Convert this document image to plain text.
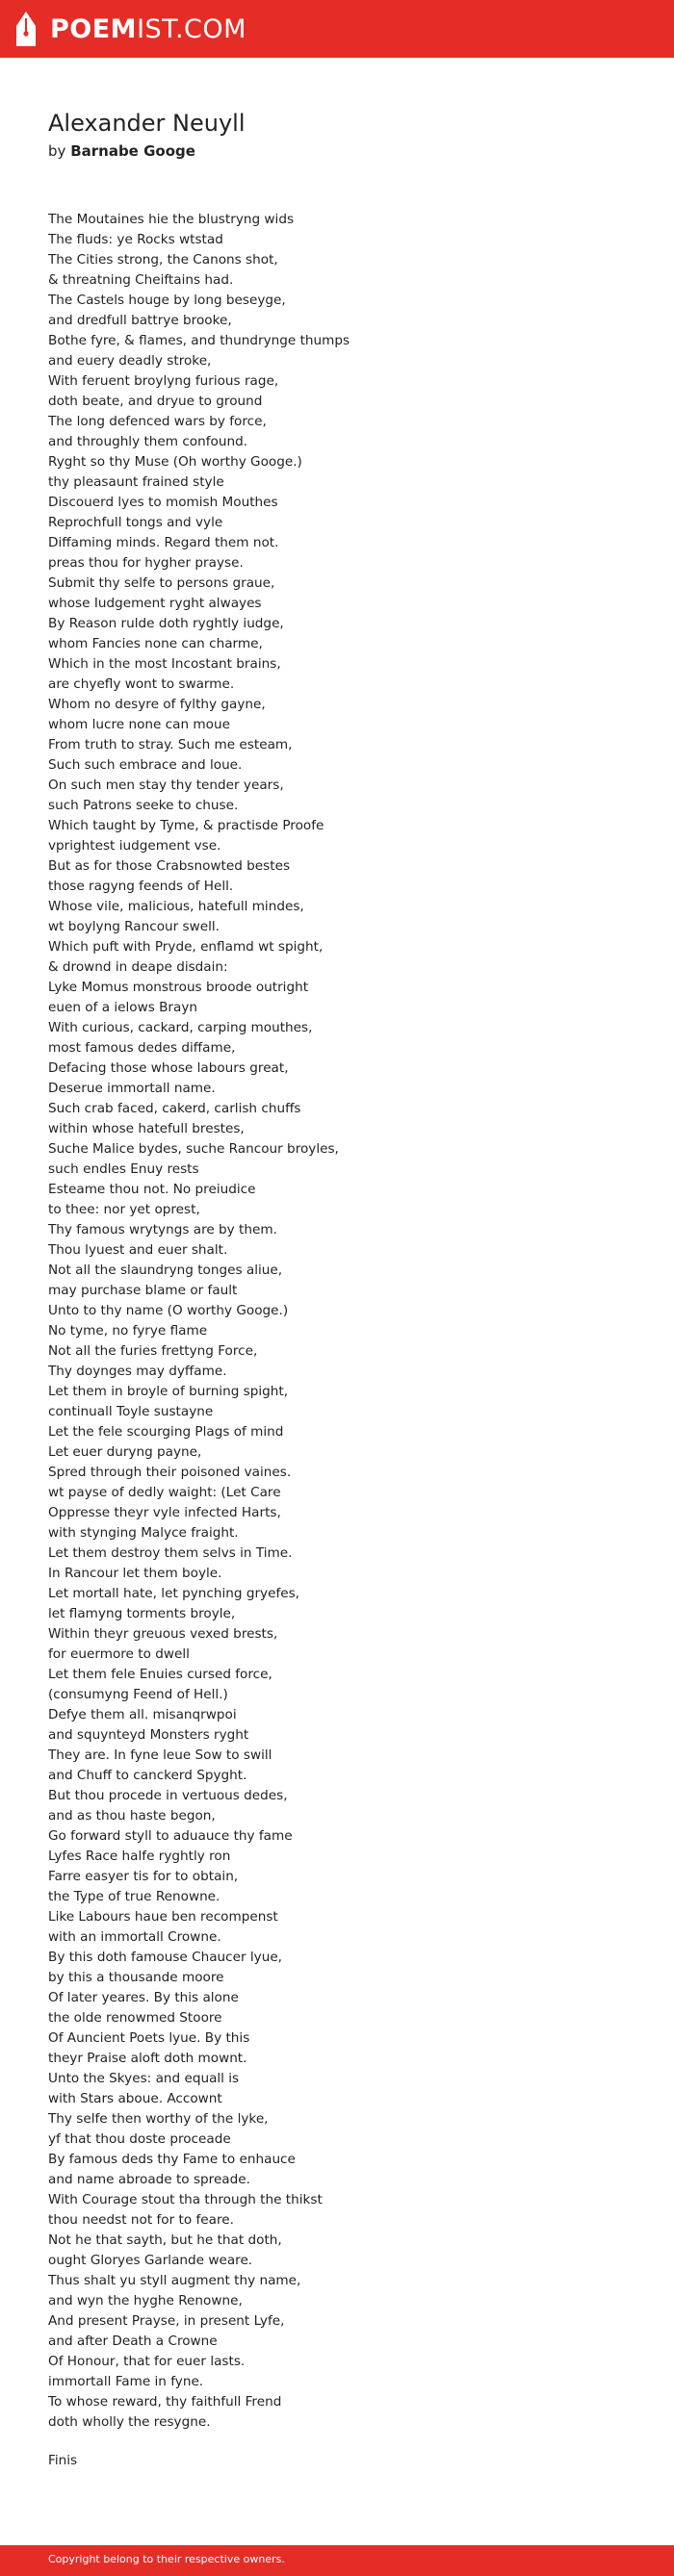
POEM IST.COM
Alexander Neuyll
by Barnabe Googe
The Moutaines hie the blustryng wids
The fluds: ye Rocks wtstad
The Cities strong, the Canons shot,
& threatning Cheiftains had.
The Castels houge by long beseyge,
and dredfull battrye brooke,
Bothe fyre, & flames, and thundrynge thumps
and euery deadly stroke,
With feruent broylyng furious rage,
doth beate, and dryue to ground
The long defenced wars by force,
and throughly them confound.
Ryght so thy Muse (Oh worthy Googe.)
thy pleasaunt frained style
Discouerd lyes to momish Mouthes
Reprochfull tongs and vyle
Diffaming minds. Regard them not.
preas thou for hygher prayse.
Submit thy selfe to persons graue,
whose Iudgement ryght alwayes
By Reason rulde doth ryghtly iudge,
whom Fancies none can charme,
Which in the most Incostant brains,
are chyefly wont to swarme.
Whom no desyre of fylthy gayne,
whom lucre none can moue
From truth to stray. Such me esteam,
Such such embrace and loue.
On such men stay thy tender years,
such Patrons seeke to chuse.
Which taught by Tyme, & practisde Proofe
vprightest iudgement vse.
But as for those Crabsnowted bestes
those ragyng feends of Hell.
Whose vile, malicious, hatefull mindes,
wt boylyng Rancour swell.
Which puft with Pryde, enflamd wt spight,
& drownd in deape disdain:
Lyke Momus monstrous broode outright
euen of a ielows Brayn
With curious, cackard, carping mouthes,
most famous dedes diffame,
Defacing those whose labours great,
Deserue immortall name.
Such crab faced, cakerd, carlish chuffs
within whose hatefull brestes,
Suche Malice bydes, suche Rancour broyles,
such endles Enuy rests
Esteame thou not. No preiudice
to thee: nor yet oprest,
Thy famous wrytyngs are by them.
Thou lyuest and euer shalt.
Not all the slaundryng tonges aliue,
may purchase blame or fault
Unto to thy name (O worthy Googe.)
No tyme, no fyrye flame
Not all the furies frettyng Force,
Thy doynges may dyffame.
Let them in broyle of burning spight,
continuall Toyle sustayne
Let the fele scourging Plags of mind
Let euer duryng payne,
Spred through their poisoned vaines.
wt payse of dedly waight: (Let Care
Oppresse theyr vyle infected Harts,
with stynging Malyce fraight.
Let them destroy them selvs in Time.
In Rancour let them boyle.
Let mortall hate, let pynching gryefes,
let flamyng torments broyle,
Within theyr greuous vexed brests,
for euermore to dwell
Let them fele Enuies cursed force,
(consumyng Feend of Hell.)
Defye them all. misanqrwpoi
and squynteyd Monsters ryght
They are. In fyne leue Sow to swill
and Chuff to canckerd Spyght.
But thou procede in vertuous dedes,
and as thou haste begon,
Go forward styll to aduauce thy fame
Lyfes Race halfe ryghtly ron
Farre easyer tis for to obtain,
the Type of true Renowne.
Like Labours haue ben recompenst
with an immortall Crowne.
By this doth famouse Chaucer lyue,
by this a thousande moore
Of later yeares. By this alone
the olde renowmed Stoore
Of Auncient Poets lyue. By this
theyr Praise aloft doth mownt.
Unto the Skyes: and equall is
with Stars aboue. Accownt
Thy selfe then worthy of the lyke,
yf that thou doste proceade
By famous deds thy Fame to enhauce
and name abroade to spreade.
With Courage stout tha through the thikst
thou needst not for to feare.
Not he that sayth, but he that doth,
ought Gloryes Garlande weare.
Thus shalt yu styll augment thy name,
and wyn the hyghe Renowne,
And present Prayse, in present Lyfe,
and after Death a Crowne
Of Honour, that for euer lasts.
immortall Fame in fyne.
To whose reward, thy faithfull Frend
doth wholly the resygne.
Finis
Copyright belong to their respective owners.
